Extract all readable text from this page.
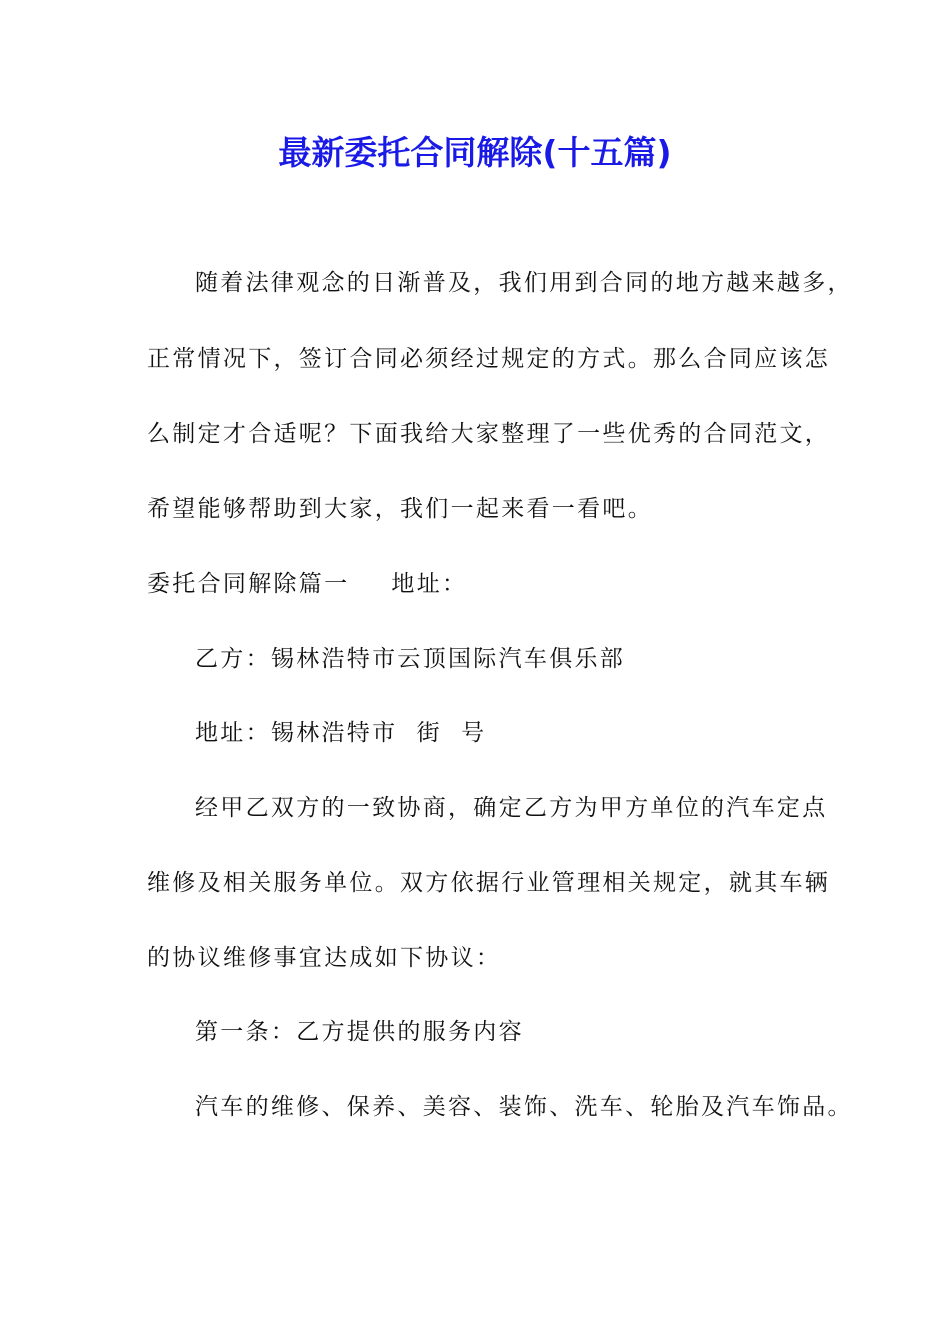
最新委托合同解除(十五篇)

随着法律观念的日渐普及，我们用到合同的地方越来越多，

正常情况下，签订合同必须经过规定的方式。那么合同应该怎

么制定才合适呢？下面我给大家整理了一些优秀的合同范文，

希望能够帮助到大家，我们一起来看一看吧。

委托合同解除篇一 地址：

乙方：锡林浩特市云顶国际汽车俱乐部

地址：锡林浩特市  街  号

经甲乙双方的一致协商，确定乙方为甲方单位的汽车定点

维修及相关服务单位。双方依据行业管理相关规定，就其车辆

的协议维修事宜达成如下协议：

第一条：乙方提供的服务内容

汽车的维修、保养、美容、装饰、洗车、轮胎及汽车饰品。
